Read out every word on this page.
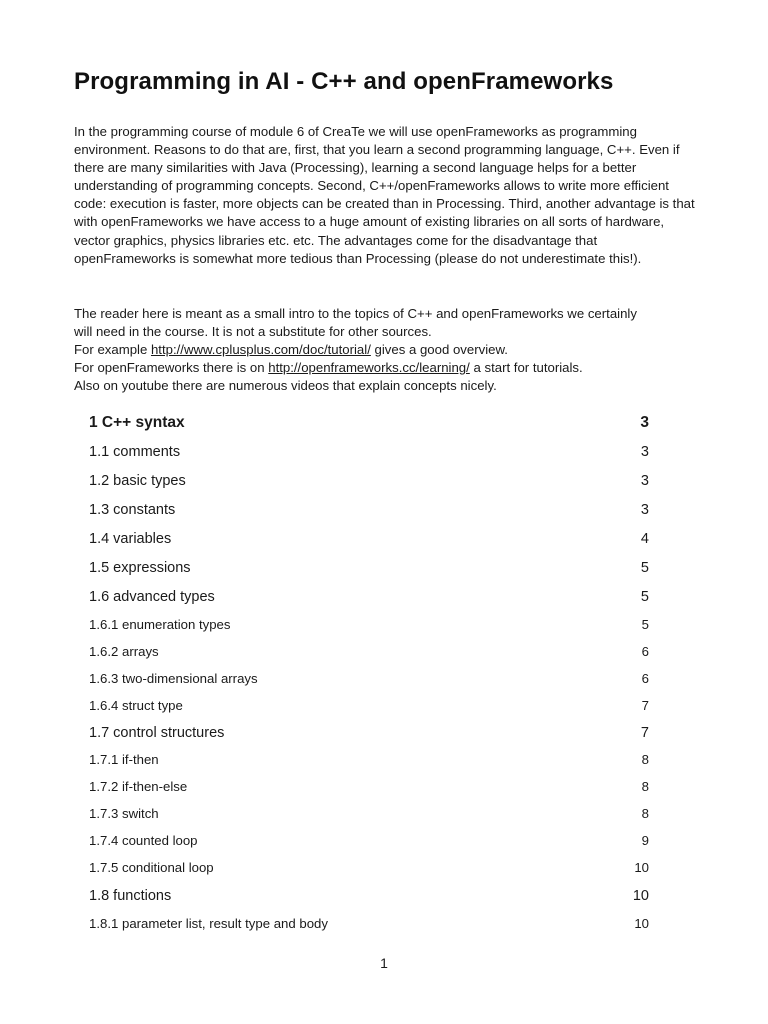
Programming in AI - C++ and openFrameworks

In the programming course of module 6 of CreaTe we will use openFrameworks as programming environment. Reasons to do that are, first, that you learn a second programming language, C++. Even if there are many similarities with Java (Processing), learning a second language helps for a better understanding of programming concepts. Second, C++/openFrameworks allows to write more efficient code: execution is faster, more objects can be created than in Processing. Third, another advantage is that with openFrameworks we have access to a huge amount of existing libraries on all sorts of hardware, vector graphics, physics libraries etc. etc. The advantages come for the disadvantage that openFrameworks is somewhat more tedious than Processing (please do not underestimate this!).

The reader here is meant as a small intro to the topics of C++ and openFrameworks we certainly
will need in the course. It is not a substitute for other sources.
For example http://www.cplusplus.com/doc/tutorial/ gives a good overview.
For openFrameworks there is on http://openframeworks.cc/learning/ a start for tutorials.
Also on youtube there are numerous videos that explain concepts nicely.
1 C++ syntax	3
1.1 comments	3
1.2 basic types	3
1.3 constants	3
1.4 variables	4
1.5 expressions	5
1.6 advanced types	5
1.6.1 enumeration types	5
1.6.2 arrays	6
1.6.3 two-dimensional arrays	6
1.6.4 struct type	7
1.7 control structures	7
1.7.1 if-then	8
1.7.2 if-then-else	8
1.7.3 switch	8
1.7.4 counted loop	9
1.7.5 conditional loop	10
1.8 functions	10
1.8.1 parameter list, result type and body	10
1
